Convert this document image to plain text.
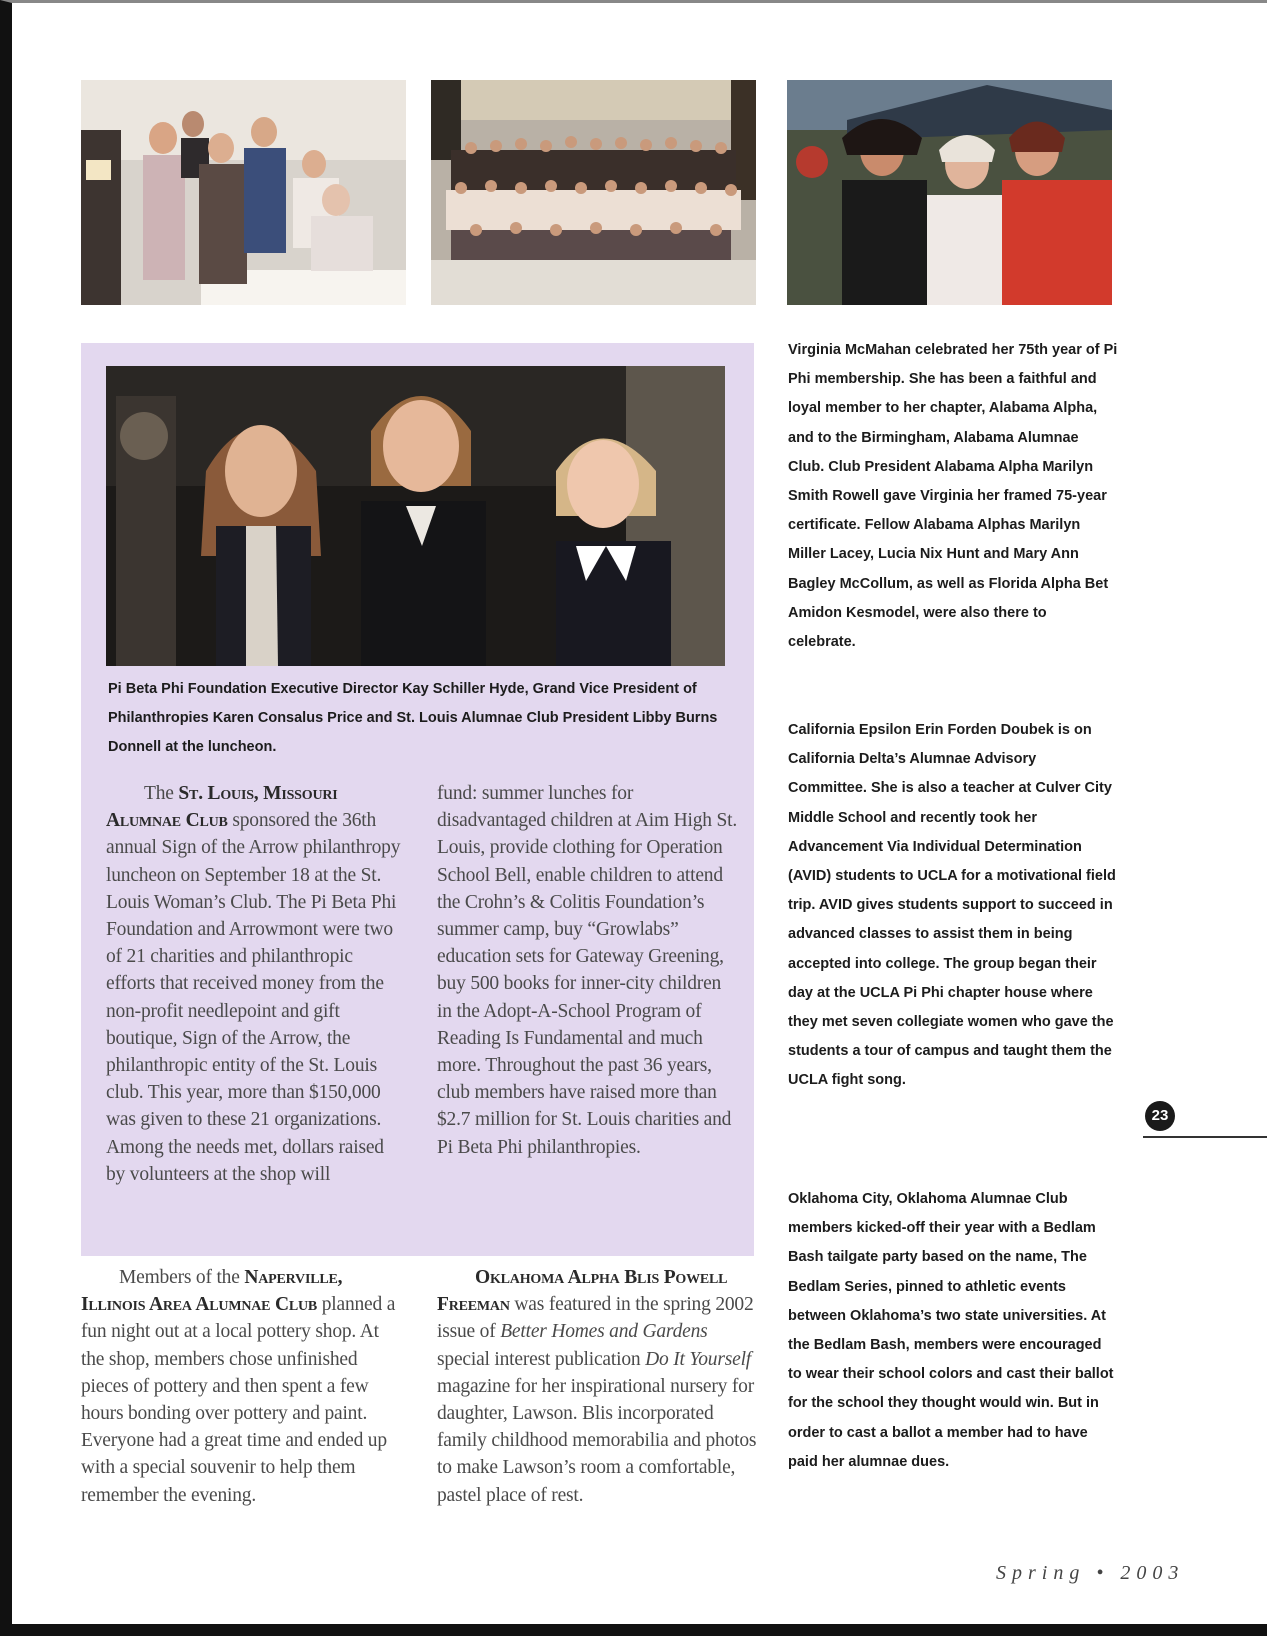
Pi Beta Phi Foundation Executive Director Kay Schiller Hyde, Grand Vice President of Philanthropies Karen Consalus Price and St. Louis Alumnae Club President Libby Burns Donnell at the luncheon.

The St. Louis, Missouri Alumnae Club sponsored the 36th annual Sign of the Arrow philanthropy luncheon on September 18 at the St. Louis Woman’s Club. The Pi Beta Phi Foundation and Arrowmont were two of 21 charities and philanthropic efforts that received money from the non-profit needlepoint and gift boutique, Sign of the Arrow, the philanthropic entity of the St. Louis club. This year, more than $150,000 was given to these 21 organizations. Among the needs met, dollars raised by volunteers at the shop will

fund: summer lunches for disadvantaged children at Aim High St. Louis, provide clothing for Operation School Bell, enable children to attend the Crohn’s & Colitis Foundation’s summer camp, buy “Growlabs” education sets for Gateway Greening, buy 500 books for inner-city children in the Adopt-A-School Program of Reading Is Fundamental and much more. Throughout the past 36 years, club members have raised more than $2.7 million for St. Louis charities and Pi Beta Phi philanthropies.

Members of the Naperville, Illinois Area Alumnae Club planned a fun night out at a local pottery shop. At the shop, members chose unfinished pieces of pottery and then spent a few hours bonding over pottery and paint. Everyone had a great time and ended up with a special souvenir to help them remember the evening.

Oklahoma Alpha Blis Powell Freeman was featured in the spring 2002 issue of Better Homes and Gardens special interest publication Do It Yourself magazine for her inspirational nursery for daughter, Lawson. Blis incorporated family childhood memorabilia and photos to make Lawson’s room a comfortable, pastel place of rest.

Virginia McMahan celebrated her 75th year of Pi Phi membership. She has been a faithful and loyal member to her chapter, Alabama Alpha, and to the Birmingham, Alabama Alumnae Club. Club President Alabama Alpha Marilyn Smith Rowell gave Virginia her framed 75-year certificate. Fellow Alabama Alphas Marilyn Miller Lacey, Lucia Nix Hunt and Mary Ann Bagley McCollum, as well as Florida Alpha Bet Amidon Kesmodel, were also there to celebrate.
California Epsilon Erin Forden Doubek is on California Delta’s Alumnae Advisory Committee. She is also a teacher at Culver City Middle School and recently took her Advancement Via Individual Determination (AVID) students to UCLA for a motivational field trip. AVID gives students support to succeed in advanced classes to assist them in being accepted into college. The group began their day at the UCLA Pi Phi chapter house where they met seven collegiate women who gave the students a tour of campus and taught them the UCLA fight song.
Oklahoma City, Oklahoma Alumnae Club members kicked-off their year with a Bedlam Bash tailgate party based on the name, The Bedlam Series, pinned to athletic events between Oklahoma’s two state universities. At the Bedlam Bash, members were encouraged to wear their school colors and cast their ballot for the school they thought would win. But in order to cast a ballot a member had to have paid her alumnae dues.
23
Spring • 2003
